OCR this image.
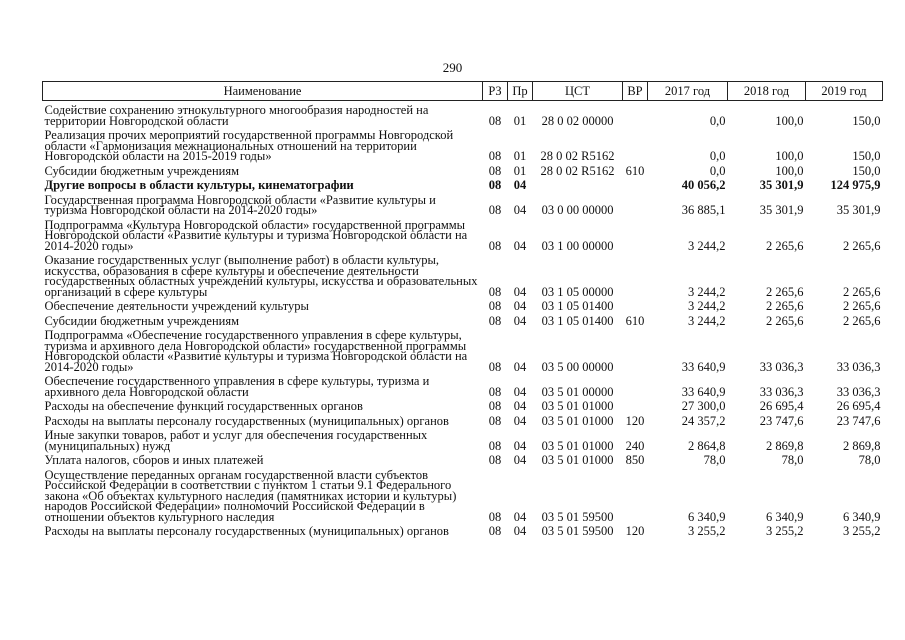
290
Наименование	РЗ	Пр	ЦСТ	ВР	2017 год	2018 год	2019 год
Содействие сохранению этнокультурного многообразия народностей на территории Новгородской области	08	01	28 0 02 00000		0,0	100,0	150,0
Реализация прочих мероприятий государственной программы Новгородской области «Гармонизация межнациональных отношений на территории Новгородской области на 2015-2019 годы»	08	01	28 0 02 R5162		0,0	100,0	150,0
Субсидии бюджетным учреждениям	08	01	28 0 02 R5162	610	0,0	100,0	150,0
Другие вопросы в области культуры, кинематографии	08	04			40 056,2	35 301,9	124 975,9
Государственная программа Новгородской области «Развитие культуры и туризма Новгородской области на 2014-2020 годы»	08	04	03 0 00 00000		36 885,1	35 301,9	35 301,9
Подпрограмма «Культура Новгородской области» государственной программы Новгородской области «Развитие культуры и туризма Новгородской области на 2014-2020 годы»	08	04	03 1 00 00000		3 244,2	2 265,6	2 265,6
Оказание государственных услуг (выполнение работ) в области культуры, искусства, образования в сфере культуры и обеспечение деятельности государственных областных учреждений культуры, искусства и образовательных организаций в сфере культуры	08	04	03 1 05 00000		3 244,2	2 265,6	2 265,6
Обеспечение деятельности учреждений культуры	08	04	03 1 05 01400		3 244,2	2 265,6	2 265,6
Субсидии бюджетным учреждениям	08	04	03 1 05 01400	610	3 244,2	2 265,6	2 265,6
Подпрограмма «Обеспечение государственного управления в сфере культуры, туризма и архивного дела Новгородской области» государственной программы Новгородской области «Развитие культуры и туризма Новгородской области на 2014-2020 годы»	08	04	03 5 00 00000		33 640,9	33 036,3	33 036,3
Обеспечение государственного управления в сфере культуры, туризма и архивного дела Новгородской области	08	04	03 5 01 00000		33 640,9	33 036,3	33 036,3
Расходы на обеспечение функций государственных органов	08	04	03 5 01 01000		27 300,0	26 695,4	26 695,4
Расходы на выплаты персоналу государственных (муниципальных) органов	08	04	03 5 01 01000	120	24 357,2	23 747,6	23 747,6
Иные закупки товаров, работ и услуг для обеспечения государственных (муниципальных) нужд	08	04	03 5 01 01000	240	2 864,8	2 869,8	2 869,8
Уплата налогов, сборов и иных платежей	08	04	03 5 01 01000	850	78,0	78,0	78,0
Осуществление переданных органам государственной власти субъектов Российской Федерации в соответствии с пунктом 1 статьи 9.1 Федерального закона «Об объектах культурного наследия (памятниках истории и культуры) народов Российской Федерации» полномочий Российской Федерации в отношении объектов культурного наследия	08	04	03 5 01 59500		6 340,9	6 340,9	6 340,9
Расходы на выплаты персоналу государственных (муниципальных) органов	08	04	03 5 01 59500	120	3 255,2	3 255,2	3 255,2
